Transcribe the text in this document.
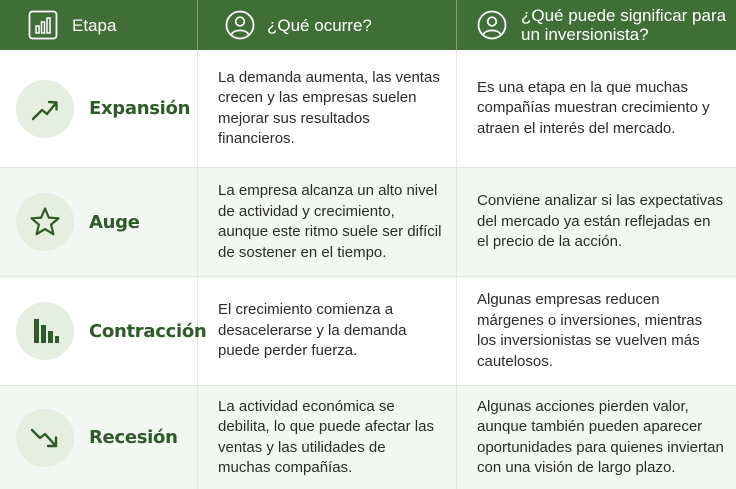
Etapa	¿Qué ocurre?	¿Qué puede significar para un inversionista?
Expansión
La demanda aumenta, las ventas crecen y las empresas suelen mejorar sus resultados financieros.
Es una etapa en la que muchas compañías muestran crecimiento y atraen el interés del mercado.
Auge
La empresa alcanza un alto nivel de actividad y crecimiento, aunque este ritmo suele ser difícil de sostener en el tiempo.
Conviene analizar si las expectativas del mercado ya están reflejadas en el precio de la acción.
Contracción
El crecimiento comienza a desacelerarse y la demanda puede perder fuerza.
Algunas empresas reducen márgenes o inversiones, mientras los inversionistas se vuelven más cautelosos.
Recesión
La actividad económica se debilita, lo que puede afectar las ventas y las utilidades de muchas compañías.
Algunas acciones pierden valor, aunque también pueden aparecer oportunidades para quienes inviertan con una visión de largo plazo.
